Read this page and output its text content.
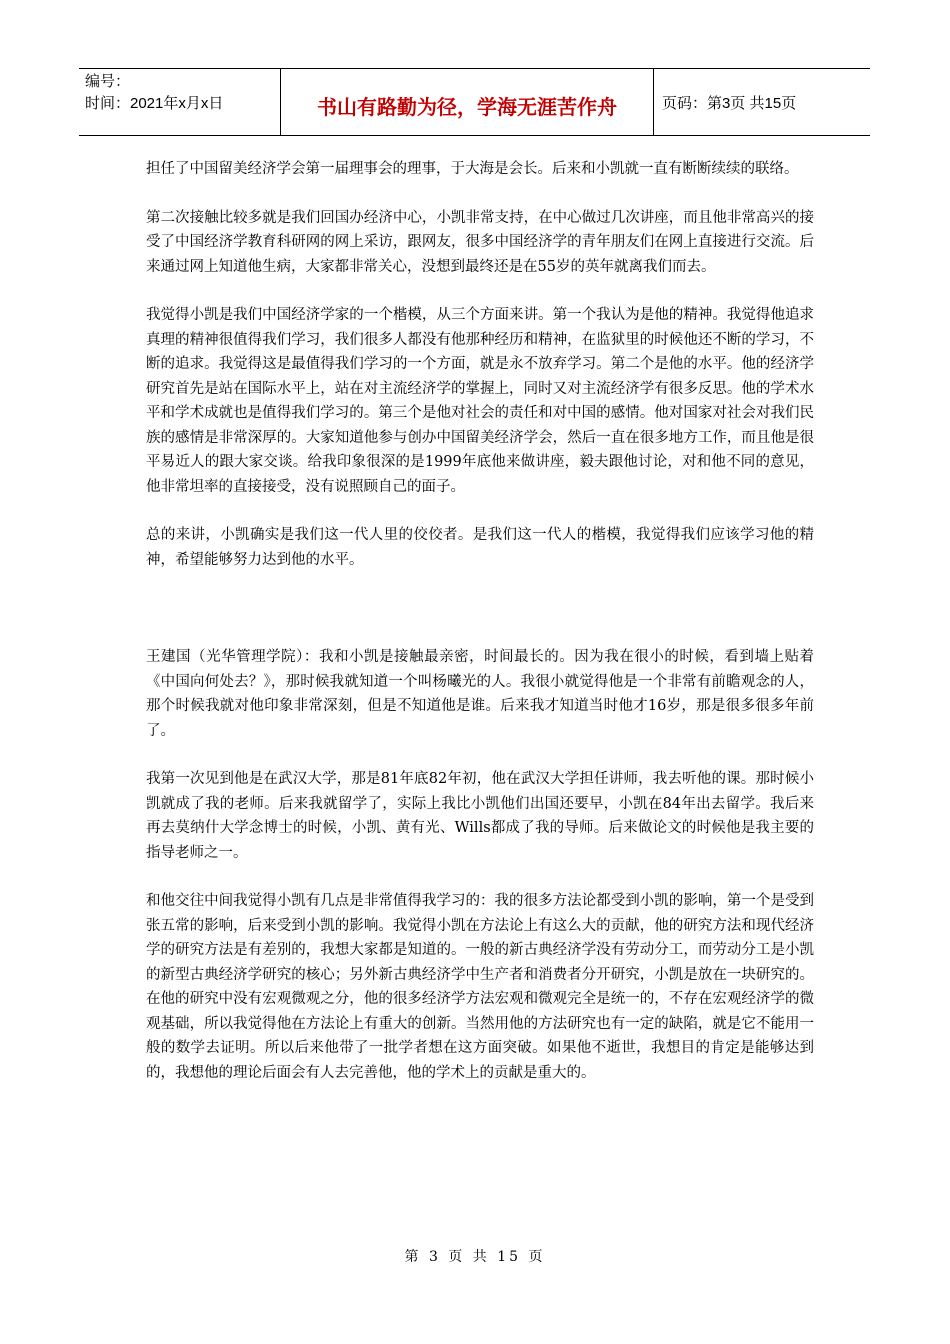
编号：
时间：2021年x月x日	书山有路勤为径，学海无涯苦作舟	页码：第3页 共15页

担任了中国留美经济学会第一届理事会的理事，于大海是会长。后来和小凯就一直有断断续续的联络。

第二次接触比较多就是我们回国办经济中心，小凯非常支持，在中心做过几次讲座，而且他非常高兴的接受了中国经济学教育科研网的网上采访，跟网友，很多中国经济学的青年朋友们在网上直接进行交流。后来通过网上知道他生病，大家都非常关心，没想到最终还是在55岁的英年就离我们而去。

我觉得小凯是我们中国经济学家的一个楷模，从三个方面来讲。第一个我认为是他的精神。我觉得他追求真理的精神很值得我们学习，我们很多人都没有他那种经历和精神，在监狱里的时候他还不断的学习，不断的追求。我觉得这是最值得我们学习的一个方面，就是永不放弃学习。第二个是他的水平。他的经济学研究首先是站在国际水平上，站在对主流经济学的掌握上，同时又对主流经济学有很多反思。他的学术水平和学术成就也是值得我们学习的。第三个是他对社会的责任和对中国的感情。他对国家对社会对我们民族的感情是非常深厚的。大家知道他参与创办中国留美经济学会，然后一直在很多地方工作，而且他是很平易近人的跟大家交谈。给我印象很深的是1999年底他来做讲座，毅夫跟他讨论，对和他不同的意见，他非常坦率的直接接受，没有说照顾自己的面子。

总的来讲，小凯确实是我们这一代人里的佼佼者。是我们这一代人的楷模，我觉得我们应该学习他的精神，希望能够努力达到他的水平。

王建国（光华管理学院）：我和小凯是接触最亲密，时间最长的。因为我在很小的时候，看到墙上贴着《中国向何处去？》，那时候我就知道一个叫杨曦光的人。我很小就觉得他是一个非常有前瞻观念的人，那个时候我就对他印象非常深刻，但是不知道他是谁。后来我才知道当时他才16岁，那是很多很多年前了。

我第一次见到他是在武汉大学，那是81年底82年初，他在武汉大学担任讲师，我去听他的课。那时候小凯就成了我的老师。后来我就留学了，实际上我比小凯他们出国还要早，小凯在84年出去留学。我后来再去莫纳什大学念博士的时候，小凯、黄有光、Wills都成了我的导师。后来做论文的时候他是我主要的指导老师之一。

和他交往中间我觉得小凯有几点是非常值得我学习的：我的很多方法论都受到小凯的影响，第一个是受到张五常的影响，后来受到小凯的影响。我觉得小凯在方法论上有这么大的贡献，他的研究方法和现代经济学的研究方法是有差别的，我想大家都是知道的。一般的新古典经济学没有劳动分工，而劳动分工是小凯的新型古典经济学研究的核心；另外新古典经济学中生产者和消费者分开研究，小凯是放在一块研究的。在他的研究中没有宏观微观之分，他的很多经济学方法宏观和微观完全是统一的，不存在宏观经济学的微观基础，所以我觉得他在方法论上有重大的创新。当然用他的方法研究也有一定的缺陷，就是它不能用一般的数学去证明。所以后来他带了一批学者想在这方面突破。如果他不逝世，我想目的肯定是能够达到的，我想他的理论后面会有人去完善他，他的学术上的贡献是重大的。

第 3 页 共 15 页
